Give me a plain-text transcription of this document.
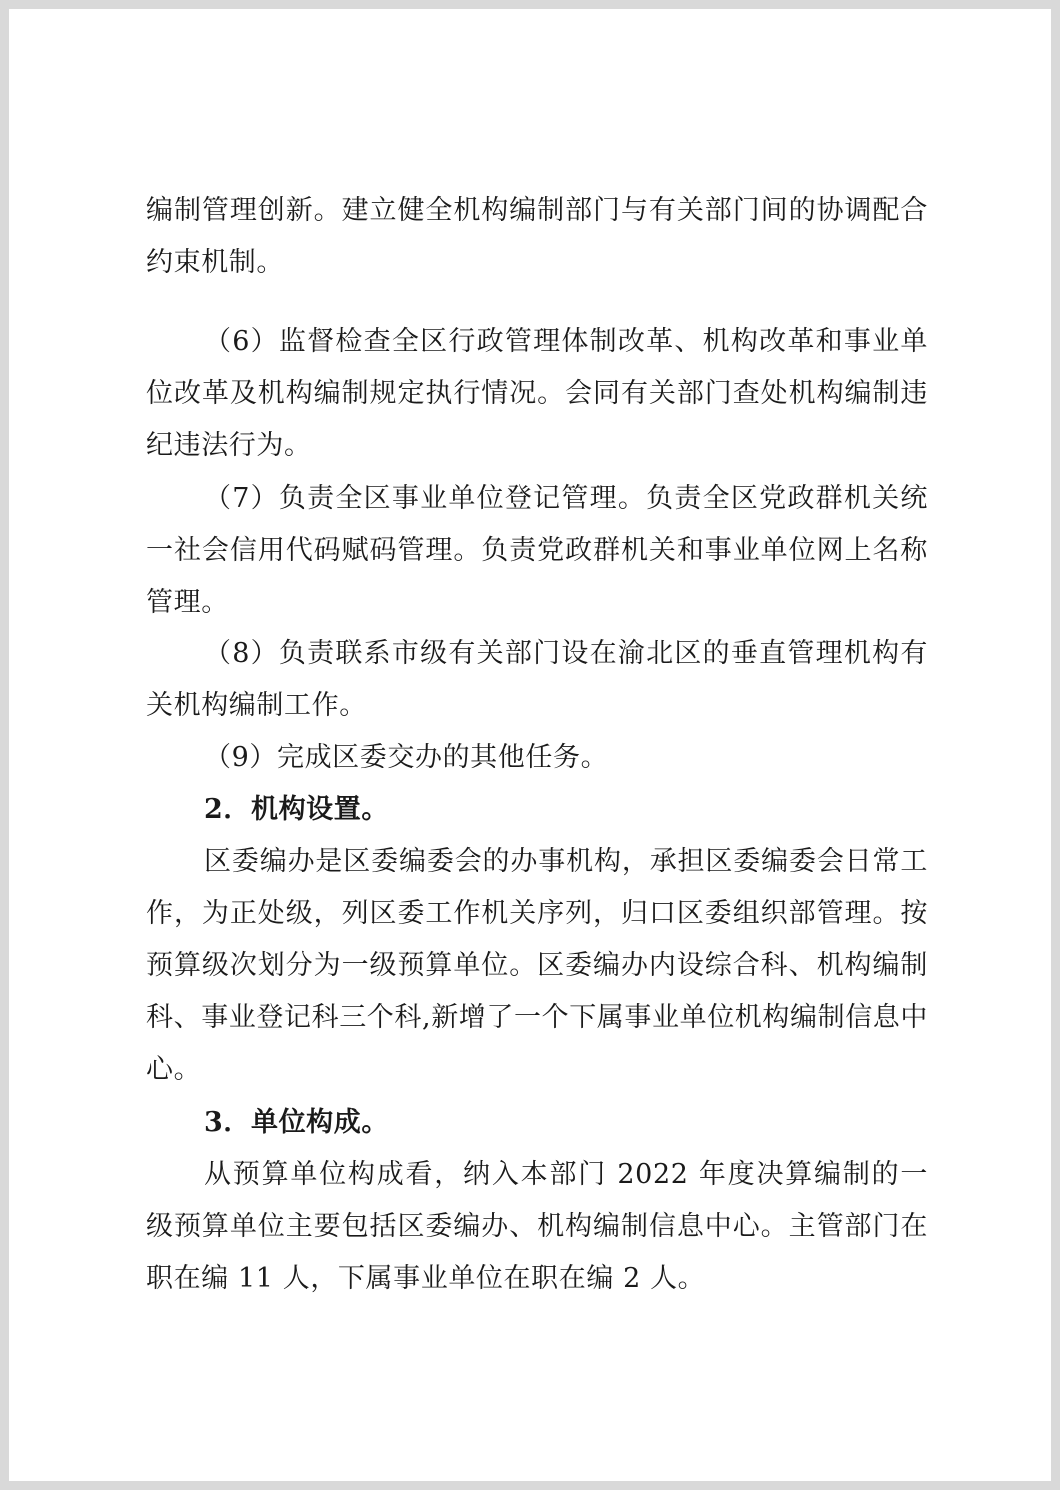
编制管理创新。建立健全机构编制部门与有关部门间的协调配合约束机制。

（6）监督检查全区行政管理体制改革、机构改革和事业单位改革及机构编制规定执行情况。会同有关部门查处机构编制违纪违法行为。

（7）负责全区事业单位登记管理。负责全区党政群机关统一社会信用代码赋码管理。负责党政群机关和事业单位网上名称管理。

（8）负责联系市级有关部门设在渝北区的垂直管理机构有关机构编制工作。

（9）完成区委交办的其他任务。

2．机构设置。

区委编办是区委编委会的办事机构，承担区委编委会日常工作，为正处级，列区委工作机关序列，归口区委组织部管理。按预算级次划分为一级预算单位。区委编办内设综合科、机构编制科、事业登记科三个科,新增了一个下属事业单位机构编制信息中心。

3．单位构成。

从预算单位构成看，纳入本部门 2022 年度决算编制的一级预算单位主要包括区委编办、机构编制信息中心。主管部门在职在编 11 人，下属事业单位在职在编 2 人。
